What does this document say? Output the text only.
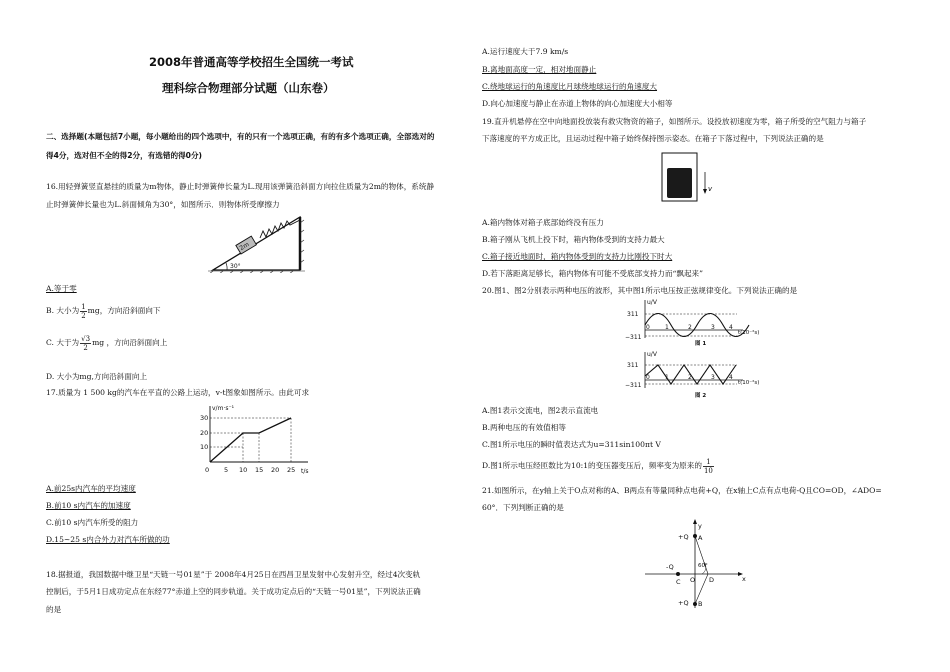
2008年普通高等学校招生全国统一考试
理科综合物理部分试题（山东卷）
二、选择题(本题包括7小题，每小题给出的四个选项中，有的只有一个选项正确，有的有多个选项正确，全部选对的
得4分，选对但不全的得2分，有选错的得0分)
16.用轻弹簧竖直悬挂的质量为m物体，静止时弹簧伸长量为L.现用该弹簧沿斜面方向拉住质量为2m的物体，系统静
止时弹簧伸长量也为L.斜面倾角为30°，如图所示．则物体所受摩擦力
2m
30°
A.等于零
B. 大小为 $\frac{1}{2}$ mg，方向沿斜面向下
C. 大于为 $\frac{√3}{2}$ mg ，方向沿斜面向上
D. 大小为mg,方向沿斜面向上
17.质量为 1 500 kg的汽车在平直的公路上运动，v-t图象如图所示。由此可求
v/m·s⁻¹
t/s
0
10
20
30
5 10 15 20 25
A.前25s内汽车的平均速度
B.前10 s内汽车的加速度
C.前10 s内汽车所受的阻力
D.15~25 s内合外力对汽车所做的功
18.据报道，我国数据中继卫星“天链一号01星”于 2008年4月25日在西昌卫星发射中心发射升空，经过4次变轨
控制后，于5月1日成功定点在东经77°赤道上空的同步轨道。关于成功定点后的“天链一号01星”，下列说法正确
的是
A.运行速度大于7.9 km/s
B.离地面高度一定，相对地面静止
C.绕地球运行的角速度比月球绕地球运行的角速度大
D.向心加速度与静止在赤道上物体的向心加速度大小相等
19.直升机悬停在空中向地面投放装有救灾物资的箱子，如图所示。设投放初速度为零，箱子所受的空气阻力与箱子
下落速度的平方成正比，且运动过程中箱子始终保持图示姿态。在箱子下落过程中，下列说法正确的是
v
A.箱内物体对箱子底部始终没有压力
B.箱子刚从飞机上投下时，箱内物体受到的支持力最大
C.箱子接近地面时，箱内物体受到的支持力比刚投下时大
D.若下落距离足够长，箱内物体有可能不受底部支持力而“飘起来”
20.图1、图2分别表示两种电压的波形，其中图1所示电压按正弦规律变化。下列说法正确的是
u/V
311
−311
0	1	2	3 4
t(10⁻²s)
图 1
u/V
311
−311
0	1	2	3 4
t(10⁻²s)
图 2
A.图1表示交流电，图2表示直流电
B.两种电压的有效值相等
C.图1所示电压的瞬时值表达式为u=311sin100πt V
D.图1所示电压经匝数比为10:1的变压器变压后，频率变为原来的 $\frac{1}{10}$
21.如图所示，在y轴上关于O点对称的A、B两点有等量同种点电荷+Q，在x轴上C点有点电荷-Q且CO=OD，∠ADO=
60°．下列判断正确的是
y
x
A
B
C	D
O
+Q
+Q
-Q	60°
